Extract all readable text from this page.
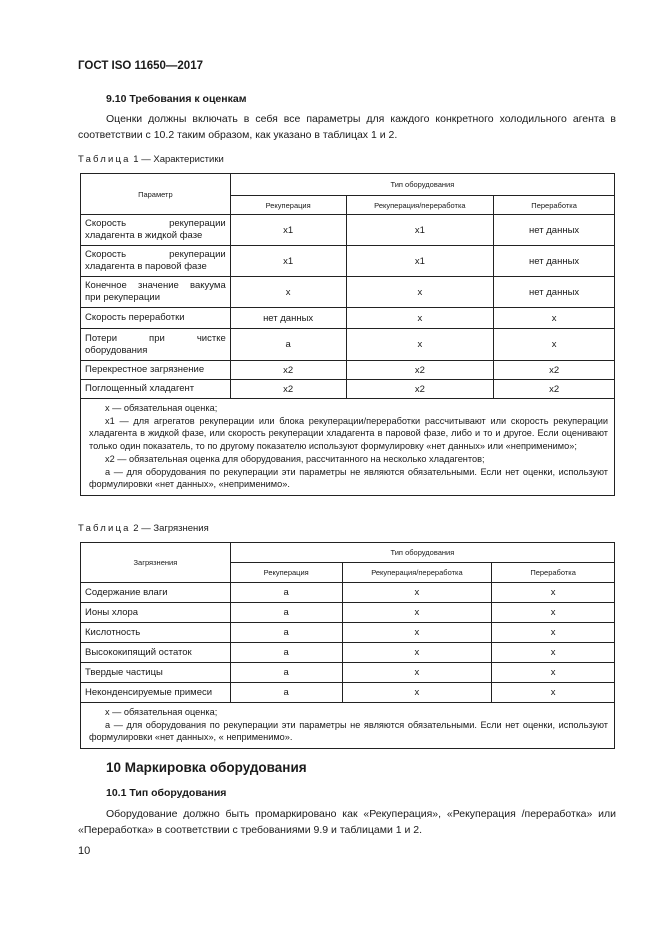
ГОСТ ISO 11650—2017
9.10 Требования к оценкам
Оценки должны включать в себя все параметры для каждого конкретного холодильного агента в соответствии с 10.2 таким образом, как указано в таблицах 1 и 2.
Таблица 1 — Характеристики
Параметр	Тип оборудования		
	Рекуперация	Рекуперация/переработка	Переработка
Скорость рекуперации хладагента в жидкой фазе	x1	x1	нет данных
Скорость рекуперации хладагента в паровой фазе	x1	x1	нет данных
Конечное значение вакуума при рекуперации	x	x	нет данных
Скорость переработки	нет данных	x	x
Потери при чистке оборудования	a	x	x
Перекрестное загрязнение	x2	x2	x2
Поглощенный хладагент	x2	x2	x2

x — обязательная оценка;

x1 — для агрегатов рекуперации или блока рекуперации/переработки рассчитывают или скорость рекуперации хладагента в жидкой фазе, или скорость рекуперации хладагента в паровой фазе, либо и то и другое. Если оценивают только один показатель, то по другому показателю используют формулировку «нет данных» или «неприменимо»;

x2 — обязательная оценка для оборудования, рассчитанного на несколько хладагентов;

a — для оборудования по рекуперации эти параметры не являются обязательными. Если нет оценки, используют формулировки «нет данных», «неприменимо».			

Таблица 2 — Загрязнения
Загрязнения	Тип оборудования		
	Рекуперация	Рекуперация/переработка	Переработка
Содержание влаги	a	x	x
Ионы хлора	a	x	x
Кислотность	a	x	x
Высококипящий остаток	a	x	x
Твердые частицы	a	x	x
Неконденсируемые примеси	a	x	x

x — обязательная оценка;

a — для оборудования по рекуперации эти параметры не являются обязательными. Если нет оценки, используют формулировки «нет данных», « неприменимо».			

10 Маркировка оборудования
10.1 Тип оборудования
Оборудование должно быть промаркировано как «Рекуперация», «Рекуперация /переработка» или «Переработка» в соответствии с требованиями 9.9 и таблицами 1 и 2.
10
